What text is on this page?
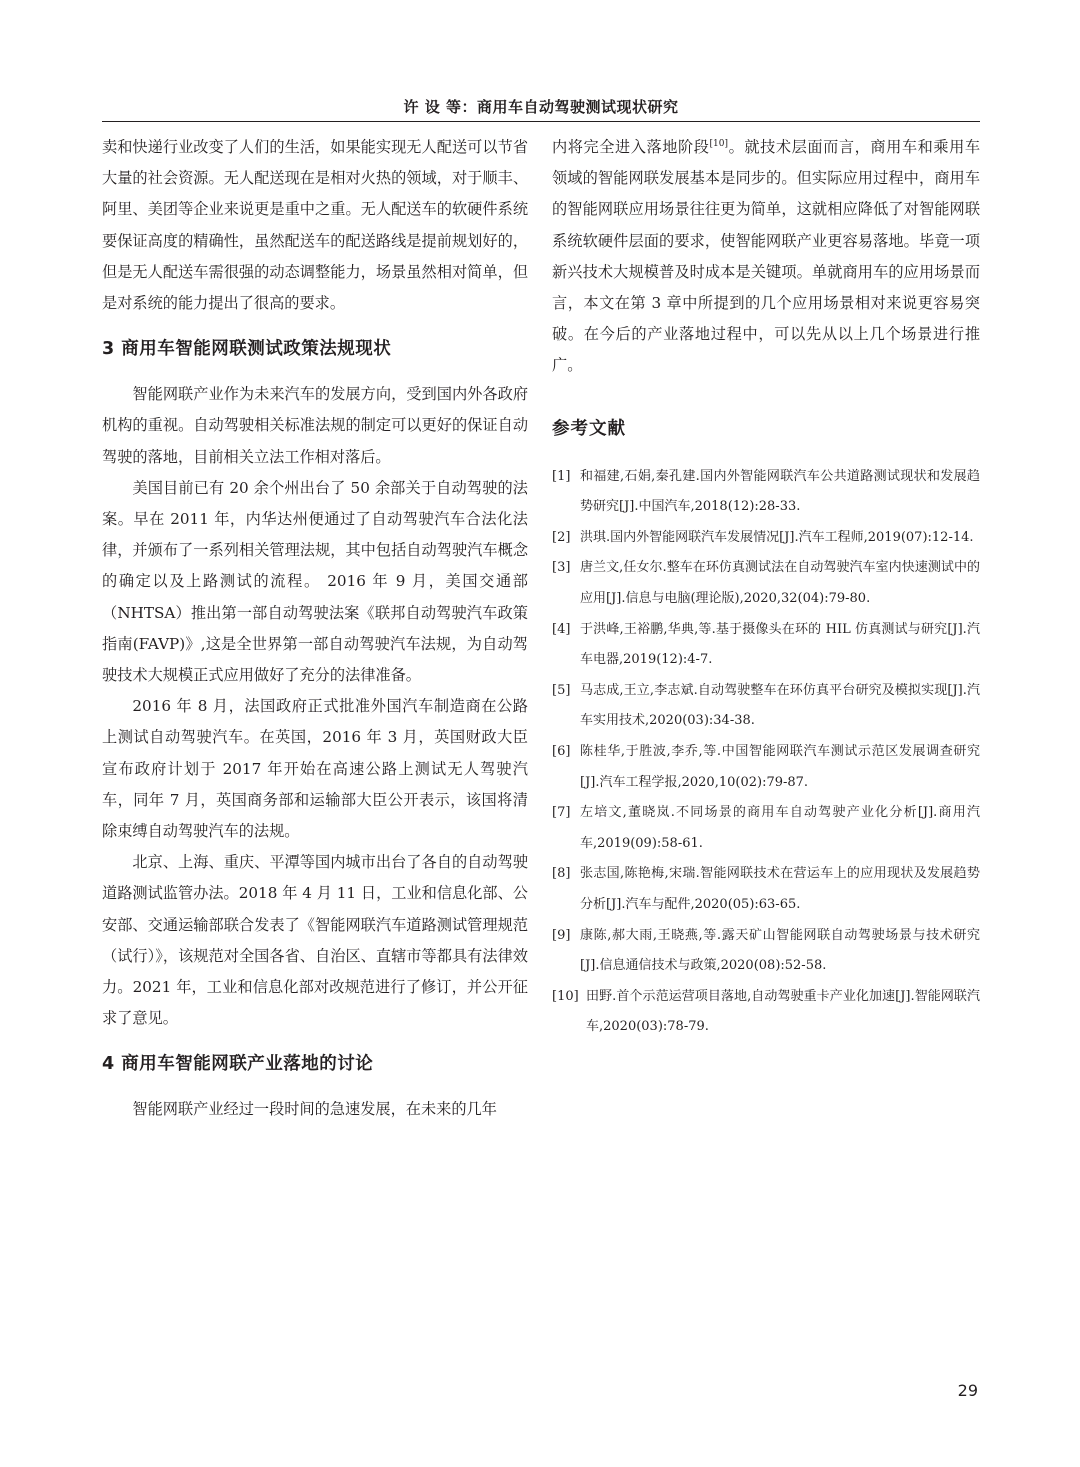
许 设 等：商用车自动驾驶测试现状研究

卖和快递行业改变了人们的生活，如果能实现无人配送可以节省大量的社会资源。无人配送现在是相对火热的领域，对于顺丰、阿里、美团等企业来说更是重中之重。无人配送车的软硬件系统要保证高度的精确性，虽然配送车的配送路线是提前规划好的，但是无人配送车需很强的动态调整能力，场景虽然相对简单，但是对系统的能力提出了很高的要求。

3 商用车智能网联测试政策法规现状

智能网联产业作为未来汽车的发展方向，受到国内外各政府机构的重视。自动驾驶相关标准法规的制定可以更好的保证自动驾驶的落地，目前相关立法工作相对落后。

美国目前已有 20 余个州出台了 50 余部关于自动驾驶的法案。早在 2011 年，内华达州便通过了自动驾驶汽车合法化法律，并颁布了一系列相关管理法规，其中包括自动驾驶汽车概念的确定以及上路测试的流程。 2016 年 9 月，美国交通部（NHTSA）推出第一部自动驾驶法案《联邦自动驾驶汽车政策指南(FAVP)》,这是全世界第一部自动驾驶汽车法规，为自动驾驶技术大规模正式应用做好了充分的法律准备。

2016 年 8 月，法国政府正式批准外国汽车制造商在公路上测试自动驾驶汽车。在英国，2016 年 3 月，英国财政大臣宣布政府计划于 2017 年开始在高速公路上测试无人驾驶汽车，同年 7 月，英国商务部和运输部大臣公开表示，该国将清除束缚自动驾驶汽车的法规。

北京、上海、重庆、平潭等国内城市出台了各自的自动驾驶道路测试监管办法。2018 年 4 月 11 日，工业和信息化部、公安部、交通运输部联合发表了《智能网联汽车道路测试管理规范（试行）》，该规范对全国各省、自治区、直辖市等都具有法律效力。2021 年，工业和信息化部对改规范进行了修订，并公开征求了意见。

4 商用车智能网联产业落地的讨论

智能网联产业经过一段时间的急速发展，在未来的几年

内将完全进入落地阶段[10]。就技术层面而言，商用车和乘用车领域的智能网联发展基本是同步的。但实际应用过程中，商用车的智能网联应用场景往往更为简单，这就相应降低了对智能网联系统软硬件层面的要求，使智能网联产业更容易落地。毕竟一项新兴技术大规模普及时成本是关键项。单就商用车的应用场景而言，本文在第 3 章中所提到的几个应用场景相对来说更容易突破。在今后的产业落地过程中，可以先从以上几个场景进行推广。

参考文献
[1] 和福建,石娟,秦孔建.国内外智能网联汽车公共道路测试现状和发展趋势研究[J].中国汽车,2018(12):28-33.
[2] 洪琪.国内外智能网联汽车发展情况[J].汽车工程师,2019(07):12-14.
[3] 唐兰文,任女尔.整车在环仿真测试法在自动驾驶汽车室内快速测试中的应用[J].信息与电脑(理论版),2020,32(04):79-80.
[4] 于洪峰,王裕鹏,华典,等.基于摄像头在环的 HIL 仿真测试与研究[J].汽车电器,2019(12):4-7.
[5] 马志成,王立,李志斌.自动驾驶整车在环仿真平台研究及模拟实现[J].汽车实用技术,2020(03):34-38.
[6] 陈桂华,于胜波,李乔,等.中国智能网联汽车测试示范区发展调查研究[J].汽车工程学报,2020,10(02):79-87.
[7] 左培文,董晓岚.不同场景的商用车自动驾驶产业化分析[J].商用汽车,2019(09):58-61.
[8] 张志国,陈艳梅,宋瑞.智能网联技术在营运车上的应用现状及发展趋势分析[J].汽车与配件,2020(05):63-65.
[9] 康陈,郝大雨,王晓燕,等.露天矿山智能网联自动驾驶场景与技术研究[J].信息通信技术与政策,2020(08):52-58.
[10] 田野.首个示范运营项目落地,自动驾驶重卡产业化加速[J].智能网联汽车,2020(03):78-79.
29
